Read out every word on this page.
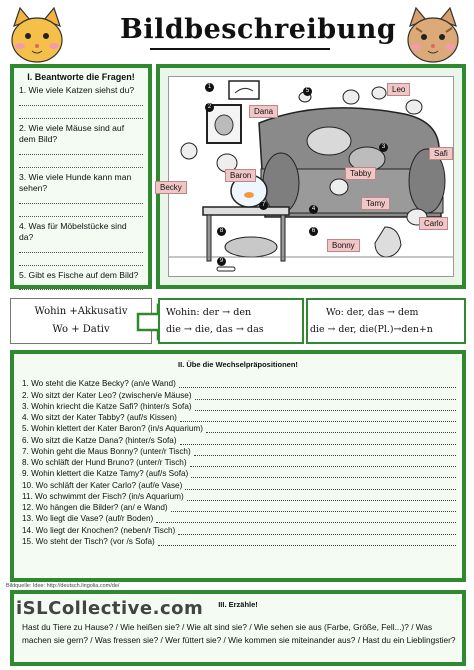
Bildbeschreibung
I. Beantworte die Fragen!
1. Wie viele Katzen siehst du?
2. Wie viele Mäuse sind auf dem Bild?
3. Wie viele Hunde kann man sehen?
4. Was für Möbelstücke sind da?
5. Gibt es Fische auf dem Bild?
Leo
Dana
Safi
Baron	Tabby
Becky
Tamy
Carlo
Bonny
1
2
3
4
5
6
7
8
9
Wohin +Akkusativ
Wo + Dativ
Wohin: der → den
die → die, das → das
Wo: der, das → dem
die → der, die(Pl.)→den+n
II. Übe die Wechselpräpositionen!
1. Wo steht die Katze Becky? (an/e Wand)
2. Wo sitzt der Kater Leo? (zwischen/e Mäuse)
3. Wohin kriecht die Katze Safi? (hinter/s Sofa)
4. Wo sitzt der Kater Tabby? (auf/s Kissen)
5. Wohin klettert der Kater Baron? (in/s Aquarium)
6. Wo sitzt die Katze Dana? (hinter/s Sofa)
7. Wohin geht die Maus Bonny? (unter/r Tisch)
8. Wo schläft der Hund Bruno? (unter/r Tisch)
9. Wohin klettert die Katze Tamy? (auf/s Sofa)
10. Wo schläft der Kater Carlo? (auf/e Vase)
11. Wo schwimmt der Fisch? (in/s Aquarium)
12. Wo hängen die Bilder? (an/ e Wand)
13. Wo liegt die Vase? (auf/r Boden)
14. Wo liegt der Knochen? (neben/r Tisch)
15. Wo steht der Tisch? (vor /s Sofa)
Bildquelle: Idee: http://deutsch.lingolia.com/de/
III. Erzähle!
Hast du Tiere zu Hause? / Wie heißen sie? / Wie alt sind sie? / Wie sehen sie aus (Farbe, Größe, Fell...)? / Was machen sie gern? / Was fressen sie? / Wer füttert sie? / Wie kommen sie miteinander aus? / Hast du ein Lieblingstier?
iSLCollective.com
